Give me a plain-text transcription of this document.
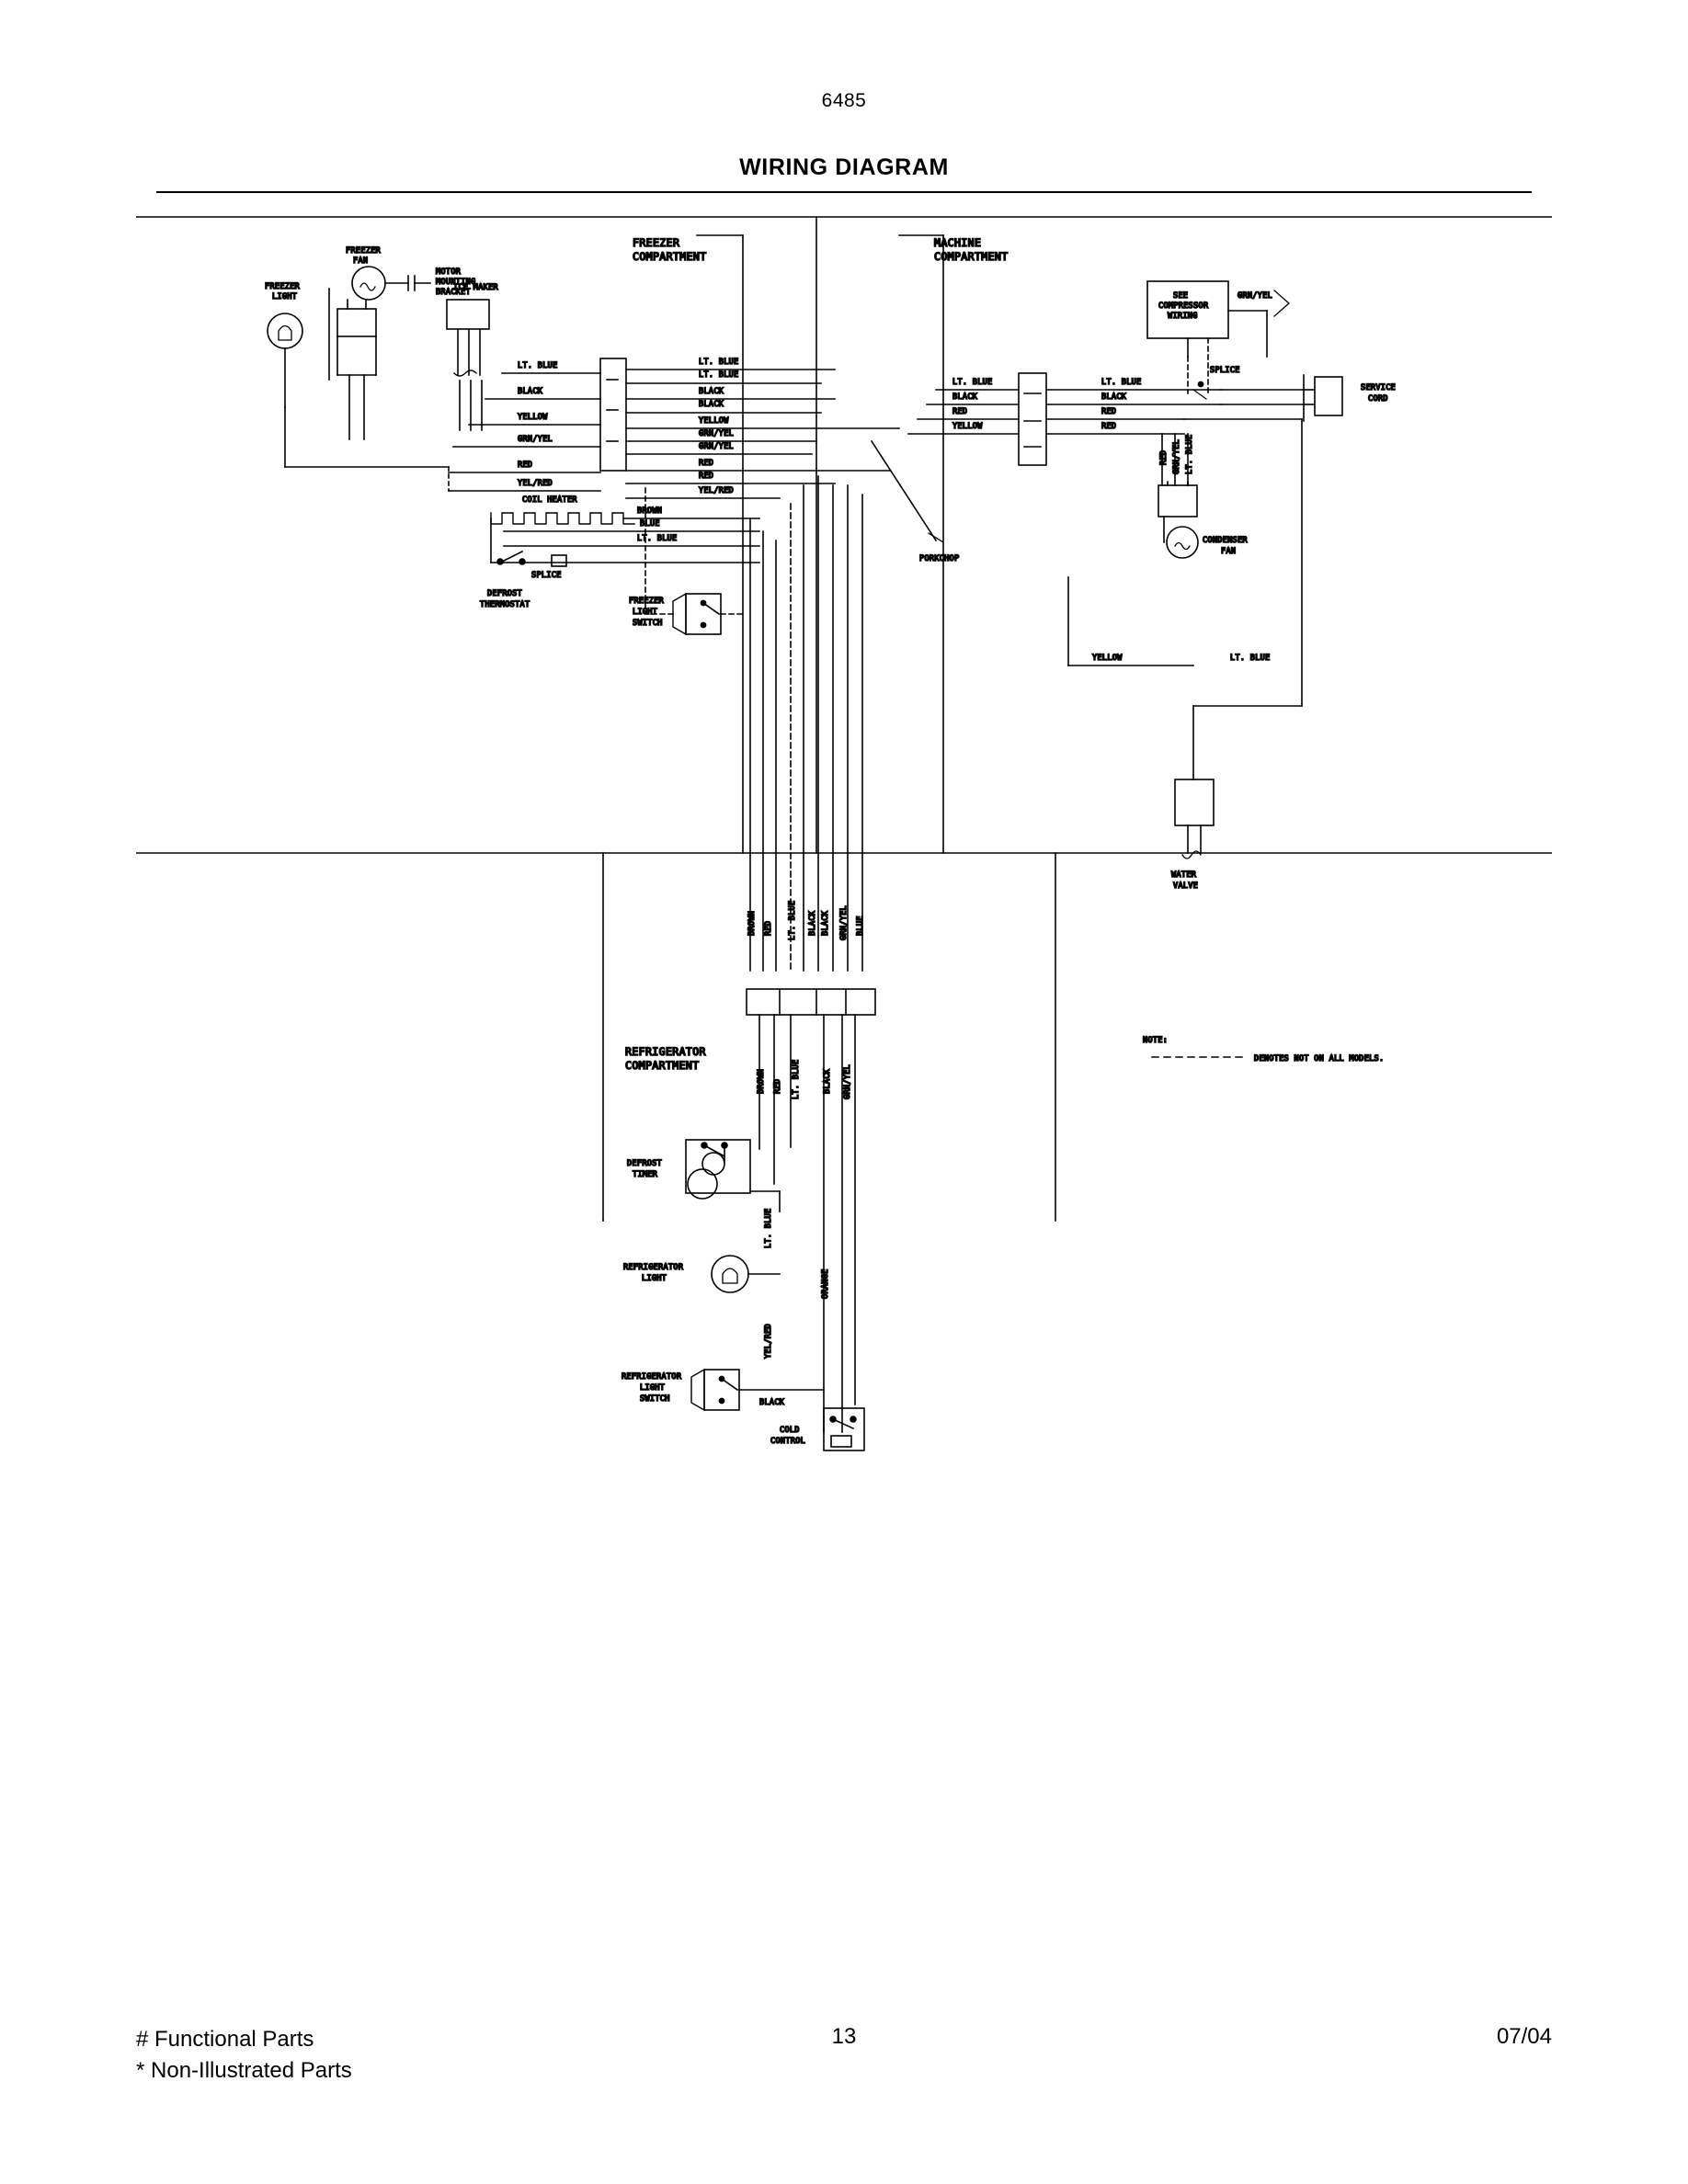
6485
WIRING DIAGRAM
FREEZER
COMPARTMENT
MACHINE
COMPARTMENT
REFRIGERATOR
COMPARTMENT
FREEZER
FAN
MOTOR
MOUNTING
BRACKET
FREEZER
LIGHT
ICE MAKER
LT. BLUE
BLACK
YELLOW
GRN/YEL
RED
YEL/RED
LT. BLUE
LT. BLUE
BLACK
BLACK
YELLOW
GRN/YEL
GRN/YEL
RED
RED
YEL/RED
LT. BLUE
BLACK
RED
YELLOW
LT. BLUE
BLACK
RED
RED
SEE
COMPRESSOR
WIRING
GRN/YEL
SPLICE
RED GRN/YEL LT. BLUE
CONDENSER
FAN
SERVICE
CORD
YELLOW	LT. BLUE
WATER
VALVE
PORKCHOP
COIL HEATER
BROWN
BLUE
LT. BLUE
SPLICE
DEFROST
THERMOSTAT	FREEZER
LIGHT
SWITCH
BROWN RED LT. BLUE BLACK BLACK GRN/YEL BLUE
BROWN RED LT. BLUE	BLACK GRN/YEL
DEFROST
TIMER
REFRIGERATOR
LIGHT
LT. BLUE
ORANGE
YEL/RED
REFRIGERATOR
LIGHT
SWITCH	BLACK
COLD
CONTROL
NOTE:
DENOTES NOT ON ALL MODELS.
# Functional Parts
* Non-Illustrated Parts
13	07/04
